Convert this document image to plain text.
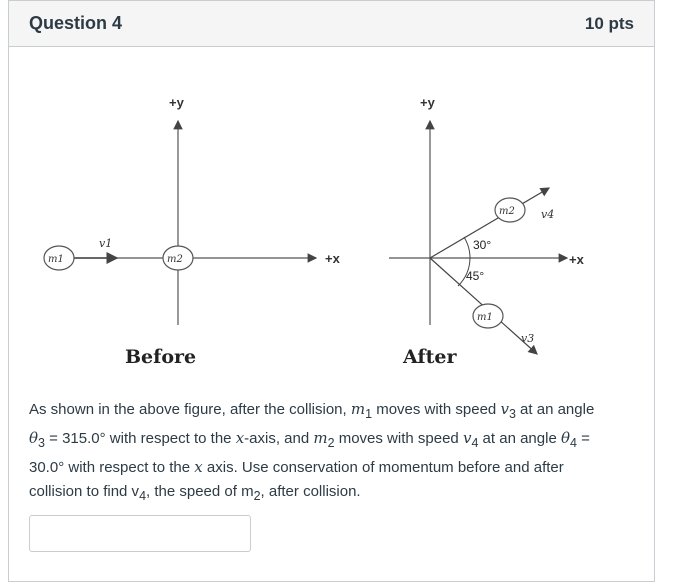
Question 4	10 pts
+y
+x
v1
m1	m2
Before
30°
45°
+y
+x
m2
m1
v4
v3
After
As shown in the above figure, after the collision, $m_1$ moves with speed $v_3$ at an angle
$\theta_3 = 315.0^\circ$ with respect to the x-axis, and $m_2$ moves with speed $v_4$ at an angle $\theta_4$ =
30.0° with respect to the x axis. Use conservation of momentum before and after
collision to find $v_4$, the speed of $m_2$, after collision.
